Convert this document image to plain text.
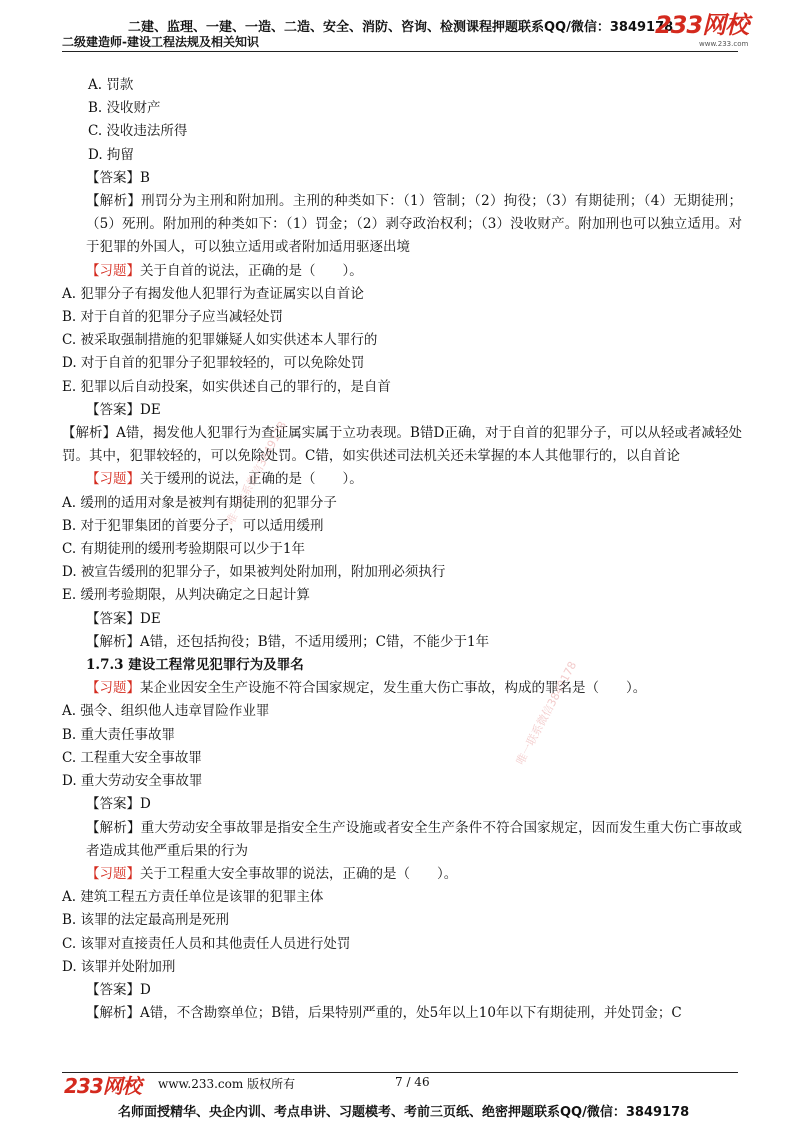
二建、监理、一建、一造、二造、安全、消防、咨询、检测课程押题联系QQ/微信：3849178
二级建造师-建设工程法规及相关知识
233网校
www.233.com
唯一联系微信3849178
唯一联系微信3849178
A. 罚款
B. 没收财产
C. 没收违法所得
D. 拘留
【答案】B
【解析】刑罚分为主刑和附加刑。主刑的种类如下：（1）管制；（2）拘役；（3）有期徒刑；（4）无期徒刑；（5）死刑。附加刑的种类如下：（1）罚金；（2）剥夺政治权利；（3）没收财产。附加刑也可以独立适用。对于犯罪的外国人，可以独立适用或者附加适用驱逐出境
【习题】关于自首的说法，正确的是（　　）。
A. 犯罪分子有揭发他人犯罪行为查证属实以自首论
B. 对于自首的犯罪分子应当减轻处罚
C. 被采取强制措施的犯罪嫌疑人如实供述本人罪行的
D. 对于自首的犯罪分子犯罪较轻的，可以免除处罚
E. 犯罪以后自动投案，如实供述自己的罪行的，是自首
【答案】DE
【解析】A错，揭发他人犯罪行为查证属实属于立功表现。B错D正确，对于自首的犯罪分子，可以从轻或者减轻处罚。其中，犯罪较轻的，可以免除处罚。C错，如实供述司法机关还未掌握的本人其他罪行的，以自首论
【习题】关于缓刑的说法，正确的是（　　）。
A. 缓刑的适用对象是被判有期徒刑的犯罪分子
B. 对于犯罪集团的首要分子，可以适用缓刑
C. 有期徒刑的缓刑考验期限可以少于1年
D. 被宣告缓刑的犯罪分子，如果被判处附加刑，附加刑必须执行
E. 缓刑考验期限，从判决确定之日起计算
【答案】DE
【解析】A错，还包括拘役；B错，不适用缓刑；C错，不能少于1年
1.7.3 建设工程常见犯罪行为及罪名
【习题】某企业因安全生产设施不符合国家规定，发生重大伤亡事故，构成的罪名是（　　）。
A. 强令、组织他人违章冒险作业罪
B. 重大责任事故罪
C. 工程重大安全事故罪
D. 重大劳动安全事故罪
【答案】D
【解析】重大劳动安全事故罪是指安全生产设施或者安全生产条件不符合国家规定，因而发生重大伤亡事故或者造成其他严重后果的行为
【习题】关于工程重大安全事故罪的说法，正确的是（　　）。
A. 建筑工程五方责任单位是该罪的犯罪主体
B. 该罪的法定最高刑是死刑
C. 该罪对直接责任人员和其他责任人员进行处罚
D. 该罪并处附加刑
【答案】D
【解析】A错，不含勘察单位；B错，后果特别严重的，处5年以上10年以下有期徒刑，并处罚金；C
233网校 www.233.com 版权所有	7 / 46
名师面授精华、央企内训、考点串讲、习题模考、考前三页纸、绝密押题联系QQ/微信：3849178
